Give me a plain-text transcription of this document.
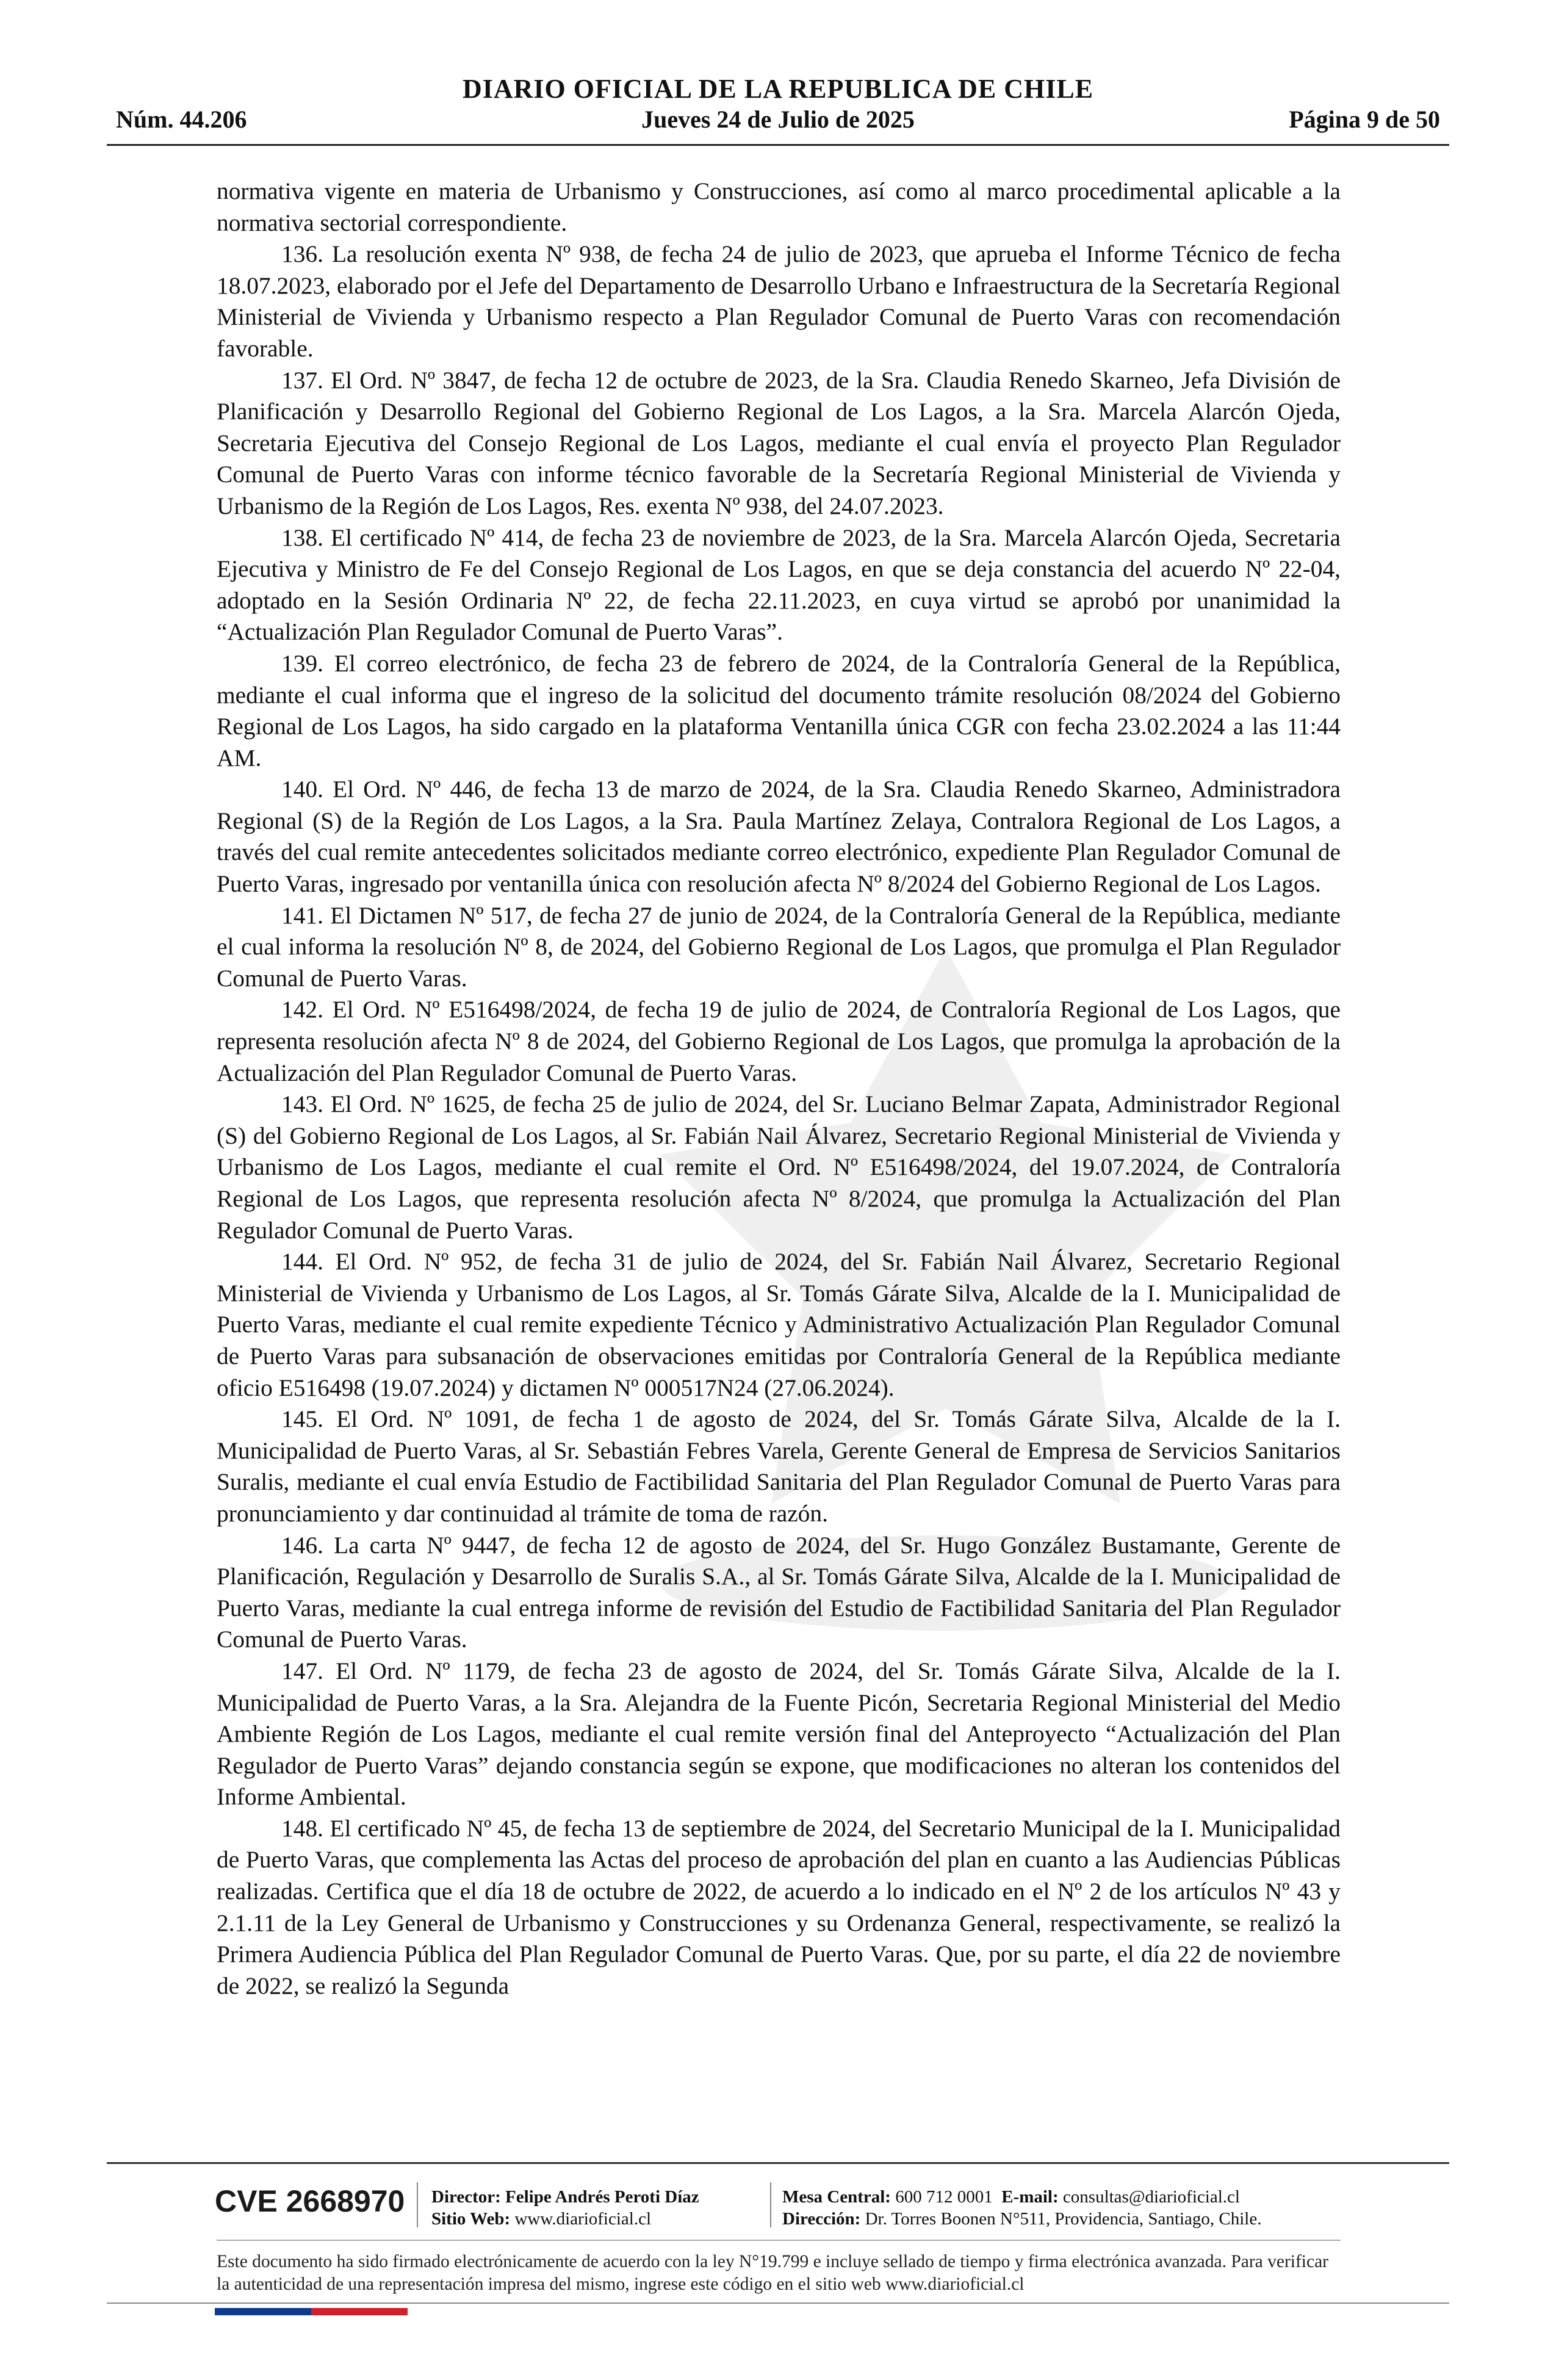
DIARIO OFICIAL DE LA REPUBLICA DE CHILE
Núm. 44.206	Jueves 24 de Julio de 2025	Página 9 de 50

normativa vigente en materia de Urbanismo y Construcciones, así como al marco procedimental aplicable a la normativa sectorial correspondiente.

136. La resolución exenta Nº 938, de fecha 24 de julio de 2023, que aprueba el Informe Técnico de fecha 18.07.2023, elaborado por el Jefe del Departamento de Desarrollo Urbano e Infraestructura de la Secretaría Regional Ministerial de Vivienda y Urbanismo respecto a Plan Regulador Comunal de Puerto Varas con recomendación favorable.

137. El Ord. Nº 3847, de fecha 12 de octubre de 2023, de la Sra. Claudia Renedo Skarneo, Jefa División de Planificación y Desarrollo Regional del Gobierno Regional de Los Lagos, a la Sra. Marcela Alarcón Ojeda, Secretaria Ejecutiva del Consejo Regional de Los Lagos, mediante el cual envía el proyecto Plan Regulador Comunal de Puerto Varas con informe técnico favorable de la Secretaría Regional Ministerial de Vivienda y Urbanismo de la Región de Los Lagos, Res. exenta Nº 938, del 24.07.2023.

138. El certificado Nº 414, de fecha 23 de noviembre de 2023, de la Sra. Marcela Alarcón Ojeda, Secretaria Ejecutiva y Ministro de Fe del Consejo Regional de Los Lagos, en que se deja constancia del acuerdo Nº 22-04, adoptado en la Sesión Ordinaria Nº 22, de fecha 22.11.2023, en cuya virtud se aprobó por unanimidad la “Actualización Plan Regulador Comunal de Puerto Varas”.

139. El correo electrónico, de fecha 23 de febrero de 2024, de la Contraloría General de la República, mediante el cual informa que el ingreso de la solicitud del documento trámite resolución 08/2024 del Gobierno Regional de Los Lagos, ha sido cargado en la plataforma Ventanilla única CGR con fecha 23.02.2024 a las 11:44 AM.

140. El Ord. Nº 446, de fecha 13 de marzo de 2024, de la Sra. Claudia Renedo Skarneo, Administradora Regional (S) de la Región de Los Lagos, a la Sra. Paula Martínez Zelaya, Contralora Regional de Los Lagos, a través del cual remite antecedentes solicitados mediante correo electrónico, expediente Plan Regulador Comunal de Puerto Varas, ingresado por ventanilla única con resolución afecta Nº 8/2024 del Gobierno Regional de Los Lagos.

141. El Dictamen Nº 517, de fecha 27 de junio de 2024, de la Contraloría General de la República, mediante el cual informa la resolución Nº 8, de 2024, del Gobierno Regional de Los Lagos, que promulga el Plan Regulador Comunal de Puerto Varas.

142. El Ord. Nº E516498/2024, de fecha 19 de julio de 2024, de Contraloría Regional de Los Lagos, que representa resolución afecta Nº 8 de 2024, del Gobierno Regional de Los Lagos, que promulga la aprobación de la Actualización del Plan Regulador Comunal de Puerto Varas.

143. El Ord. Nº 1625, de fecha 25 de julio de 2024, del Sr. Luciano Belmar Zapata, Administrador Regional (S) del Gobierno Regional de Los Lagos, al Sr. Fabián Nail Álvarez, Secretario Regional Ministerial de Vivienda y Urbanismo de Los Lagos, mediante el cual remite el Ord. Nº E516498/2024, del 19.07.2024, de Contraloría Regional de Los Lagos, que representa resolución afecta Nº 8/2024, que promulga la Actualización del Plan Regulador Comunal de Puerto Varas.

144. El Ord. Nº 952, de fecha 31 de julio de 2024, del Sr. Fabián Nail Álvarez, Secretario Regional Ministerial de Vivienda y Urbanismo de Los Lagos, al Sr. Tomás Gárate Silva, Alcalde de la I. Municipalidad de Puerto Varas, mediante el cual remite expediente Técnico y Administrativo Actualización Plan Regulador Comunal de Puerto Varas para subsanación de observaciones emitidas por Contraloría General de la República mediante oficio E516498 (19.07.2024) y dictamen Nº 000517N24 (27.06.2024).

145. El Ord. Nº 1091, de fecha 1 de agosto de 2024, del Sr. Tomás Gárate Silva, Alcalde de la I. Municipalidad de Puerto Varas, al Sr. Sebastián Febres Varela, Gerente General de Empresa de Servicios Sanitarios Suralis, mediante el cual envía Estudio de Factibilidad Sanitaria del Plan Regulador Comunal de Puerto Varas para pronunciamiento y dar continuidad al trámite de toma de razón.

146. La carta Nº 9447, de fecha 12 de agosto de 2024, del Sr. Hugo González Bustamante, Gerente de Planificación, Regulación y Desarrollo de Suralis S.A., al Sr. Tomás Gárate Silva, Alcalde de la I. Municipalidad de Puerto Varas, mediante la cual entrega informe de revisión del Estudio de Factibilidad Sanitaria del Plan Regulador Comunal de Puerto Varas.

147. El Ord. Nº 1179, de fecha 23 de agosto de 2024, del Sr. Tomás Gárate Silva, Alcalde de la I. Municipalidad de Puerto Varas, a la Sra. Alejandra de la Fuente Picón, Secretaria Regional Ministerial del Medio Ambiente Región de Los Lagos, mediante el cual remite versión final del Anteproyecto “Actualización del Plan Regulador de Puerto Varas” dejando constancia según se expone, que modificaciones no alteran los contenidos del Informe Ambiental.

148. El certificado Nº 45, de fecha 13 de septiembre de 2024, del Secretario Municipal de la I. Municipalidad de Puerto Varas, que complementa las Actas del proceso de aprobación del plan en cuanto a las Audiencias Públicas realizadas. Certifica que el día 18 de octubre de 2022, de acuerdo a lo indicado en el Nº 2 de los artículos Nº 43 y 2.1.11 de la Ley General de Urbanismo y Construcciones y su Ordenanza General, respectivamente, se realizó la Primera Audiencia Pública del Plan Regulador Comunal de Puerto Varas. Que, por su parte, el día 22 de noviembre de 2022, se realizó la Segunda

CVE 2668970 Director: Felipe Andrés Peroti Díaz
Sitio Web: www.diarioficial.cl
Mesa Central: 600 712 0001 E-mail: consultas@diarioficial.cl
Dirección: Dr. Torres Boonen N°511, Providencia, Santiago, Chile.
Este documento ha sido firmado electrónicamente de acuerdo con la ley N°19.799 e incluye sellado de tiempo y firma electrónica avanzada. Para verificar la autenticidad de una representación impresa del mismo, ingrese este código en el sitio web www.diarioficial.cl
